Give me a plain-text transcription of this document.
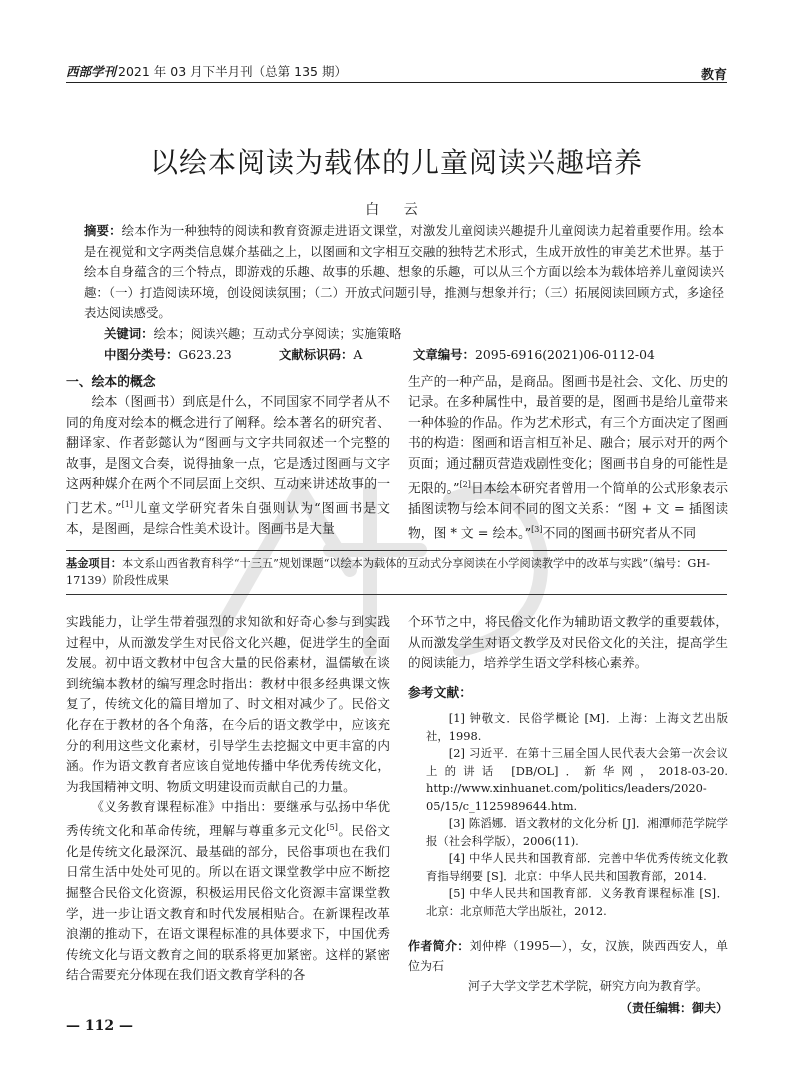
西部学刊 2021 年 03 月下半月刊（总第 135 期）	教育
以绘本阅读为载体的儿童阅读兴趣培养
白 云
摘要：绘本作为一种独特的阅读和教育资源走进语文课堂，对激发儿童阅读兴趣提升儿童阅读力起着重要作用。绘本是在视觉和文字两类信息媒介基础之上，以图画和文字相互交融的独特艺术形式，生成开放性的审美艺术世界。基于绘本自身蕴含的三个特点，即游戏的乐趣、故事的乐趣、想象的乐趣，可以从三个方面以绘本为载体培养儿童阅读兴趣：（一）打造阅读环境，创设阅读氛围；（二）开放式问题引导，推测与想象并行；（三）拓展阅读回顾方式，多途径表达阅读感受。
关键词：绘本；阅读兴趣；互动式分享阅读；实施策略
中图分类号：G623.23	文献标识码：A	文章编号：2095-6916(2021)06-0112-04

一、绘本的概念

绘本（图画书）到底是什么，不同国家不同学者从不同的角度对绘本的概念进行了阐释。绘本著名的研究者、翻译家、作者彭懿认为“图画与文字共同叙述一个完整的故事，是图文合奏，说得抽象一点，它是透过图画与文字这两种媒介在两个不同层面上交织、互动来讲述故事的一门艺术。”[1]儿童文学研究者朱自强则认为“图画书是文本，是图画，是综合性美术设计。图画书是大量

生产的一种产品，是商品。图画书是社会、文化、历史的记录。在多种属性中，最首要的是，图画书是给儿童带来一种体验的作品。作为艺术形式，有三个方面决定了图画书的构造：图画和语言相互补足、融合；展示对开的两个页面；通过翻页营造戏剧性变化；图画书自身的可能性是无限的。”[2]日本绘本研究者曾用一个简单的公式形象表示插图读物与绘本间不同的图文关系：“图 + 文 = 插图读物，图 * 文 = 绘本。”[3]不同的图画书研究者从不同

基金项目：本文系山西省教育科学“十三五”规划课题“以绘本为载体的互动式分享阅读在小学阅读教学中的改革与实践”（编号：GH-17139）阶段性成果

实践能力，让学生带着强烈的求知欲和好奇心参与到实践过程中，从而激发学生对民俗文化兴趣，促进学生的全面发展。初中语文教材中包含大量的民俗素材，温儒敏在谈到统编本教材的编写理念时指出：教材中很多经典课文恢复了，传统文化的篇目增加了、时文相对减少了。民俗文化存在于教材的各个角落，在今后的语文教学中，应该充分的利用这些文化素材，引导学生去挖掘文中更丰富的内涵。作为语文教育者应该自觉地传播中华优秀传统文化，为我国精神文明、物质文明建设而贡献自己的力量。

《义务教育课程标准》中指出：要继承与弘扬中华优秀传统文化和革命传统，理解与尊重多元文化[5]。民俗文化是传统文化最深沉、最基础的部分，民俗事项也在我们日常生活中处处可见的。所以在语文课堂教学中应不断挖掘整合民俗文化资源，积极运用民俗文化资源丰富课堂教学，进一步让语文教育和时代发展相贴合。在新课程改革浪潮的推动下，在语文课程标准的具体要求下，中国优秀传统文化与语文教育之间的联系将更加紧密。这样的紧密结合需要充分体现在我们语文教育学科的各

个环节之中，将民俗文化作为辅助语文教学的重要载体，从而激发学生对语文教学及对民俗文化的关注，提高学生的阅读能力，培养学生语文学科核心素养。

参考文献：

[1] 钟敬文．民俗学概论 [M]．上海：上海文艺出版社，1998.

[2] 习近平．在第十三届全国人民代表大会第一次会议上的讲话 [DB/OL]．新华网，2018-03-20. http://www.xinhuanet.com/politics/leaders/2020-05/15/c_1125989644.htm.

[3] 陈滔娜．语文教材的文化分析 [J]．湘潭师范学院学报（社会科学版），2006(11).

[4] 中华人民共和国教育部．完善中华优秀传统文化教育指导纲要 [S]．北京：中华人民共和国教育部，2014.

[5] 中华人民共和国教育部．义务教育课程标准 [S]．北京：北京师范大学出版社，2012.

作者简介：刘仲桦（1995—），女，汉族，陕西西安人，单位为石
河子大学文学艺术学院，研究方向为教育学。
（责任编辑：御夫）
— 112 —
